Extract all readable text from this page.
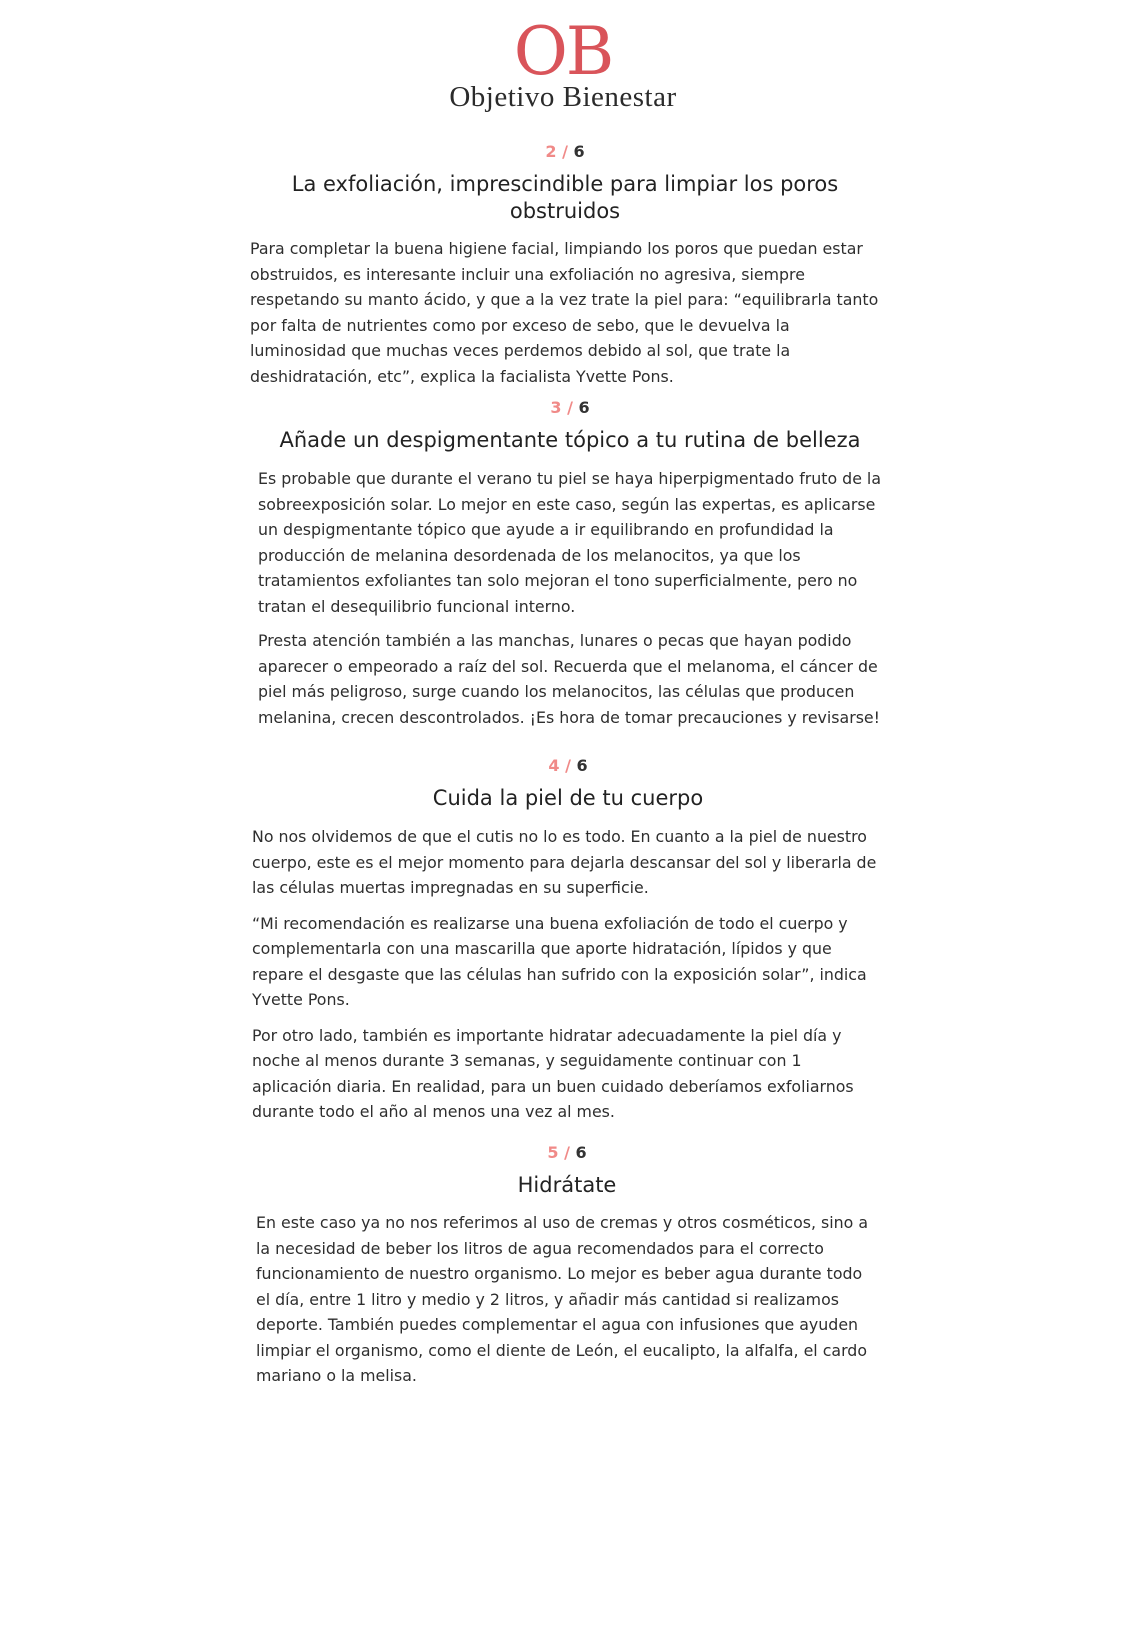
OB
Objetivo Bienestar
2 / 6
La exfoliación, imprescindible para limpiar los poros obstruidos

Para completar la buena higiene facial, limpiando los poros que puedan estar obstruidos, es interesante incluir una exfoliación no agresiva, siempre respetando su manto ácido, y que a la vez trate la piel para: “equilibrarla tanto por falta de nutrientes como por exceso de sebo, que le devuelva la luminosidad que muchas veces perdemos debido al sol, que trate la deshidratación, etc”, explica la facialista Yvette Pons.

3 / 6
Añade un despigmentante tópico a tu rutina de belleza

Es probable que durante el verano tu piel se haya hiperpigmentado fruto de la sobreexposición solar. Lo mejor en este caso, según las expertas, es aplicarse un despigmentante tópico que ayude a ir equilibrando en profundidad la producción de melanina desordenada de los melanocitos, ya que los tratamientos exfoliantes tan solo mejoran el tono superficialmente, pero no tratan el desequilibrio funcional interno.

Presta atención también a las manchas, lunares o pecas que hayan podido aparecer o empeorado a raíz del sol. Recuerda que el melanoma, el cáncer de piel más peligroso, surge cuando los melanocitos, las células que producen melanina, crecen descontrolados. ¡Es hora de tomar precauciones y revisarse!

4 / 6
Cuida la piel de tu cuerpo

No nos olvidemos de que el cutis no lo es todo. En cuanto a la piel de nuestro cuerpo, este es el mejor momento para dejarla descansar del sol y liberarla de las células muertas impregnadas en su superficie.

“Mi recomendación es realizarse una buena exfoliación de todo el cuerpo y complementarla con una mascarilla que aporte hidratación, lípidos y que repare el desgaste que las células han sufrido con la exposición solar”, indica Yvette Pons.

Por otro lado, también es importante hidratar adecuadamente la piel día y noche al menos durante 3 semanas, y seguidamente continuar con 1 aplicación diaria. En realidad, para un buen cuidado deberíamos exfoliarnos durante todo el año al menos una vez al mes.

5 / 6
Hidrátate

En este caso ya no nos referimos al uso de cremas y otros cosméticos, sino a la necesidad de beber los litros de agua recomendados para el correcto funcionamiento de nuestro organismo. Lo mejor es beber agua durante todo el día, entre 1 litro y medio y 2 litros, y añadir más cantidad si realizamos deporte. También puedes complementar el agua con infusiones que ayuden limpiar el organismo, como el diente de León, el eucalipto, la alfalfa, el cardo mariano o la melisa.
